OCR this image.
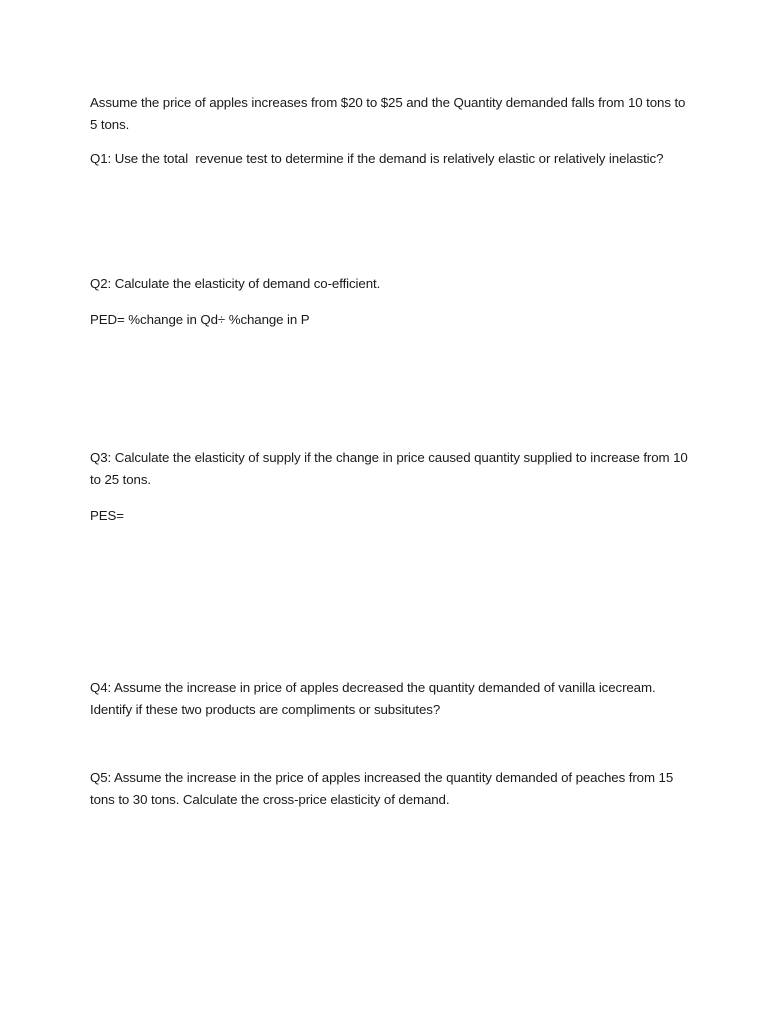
Assume the price of apples increases from $20 to $25 and the Quantity demanded falls from 10 tons to 5 tons.

Q1: Use the total  revenue test to determine if the demand is relatively elastic or relatively inelastic?

Q2: Calculate the elasticity of demand co-efficient.

PED= %change in Qd÷ %change in P

Q3: Calculate the elasticity of supply if the change in price caused quantity supplied to increase from 10  to 25 tons.

PES=

Q4: Assume the increase in price of apples decreased the quantity demanded of vanilla icecream. Identify if these two products are compliments or subsitutes?

Q5: Assume the increase in the price of apples increased the quantity demanded of peaches from 15 tons to 30 tons. Calculate the cross-price elasticity of demand.
